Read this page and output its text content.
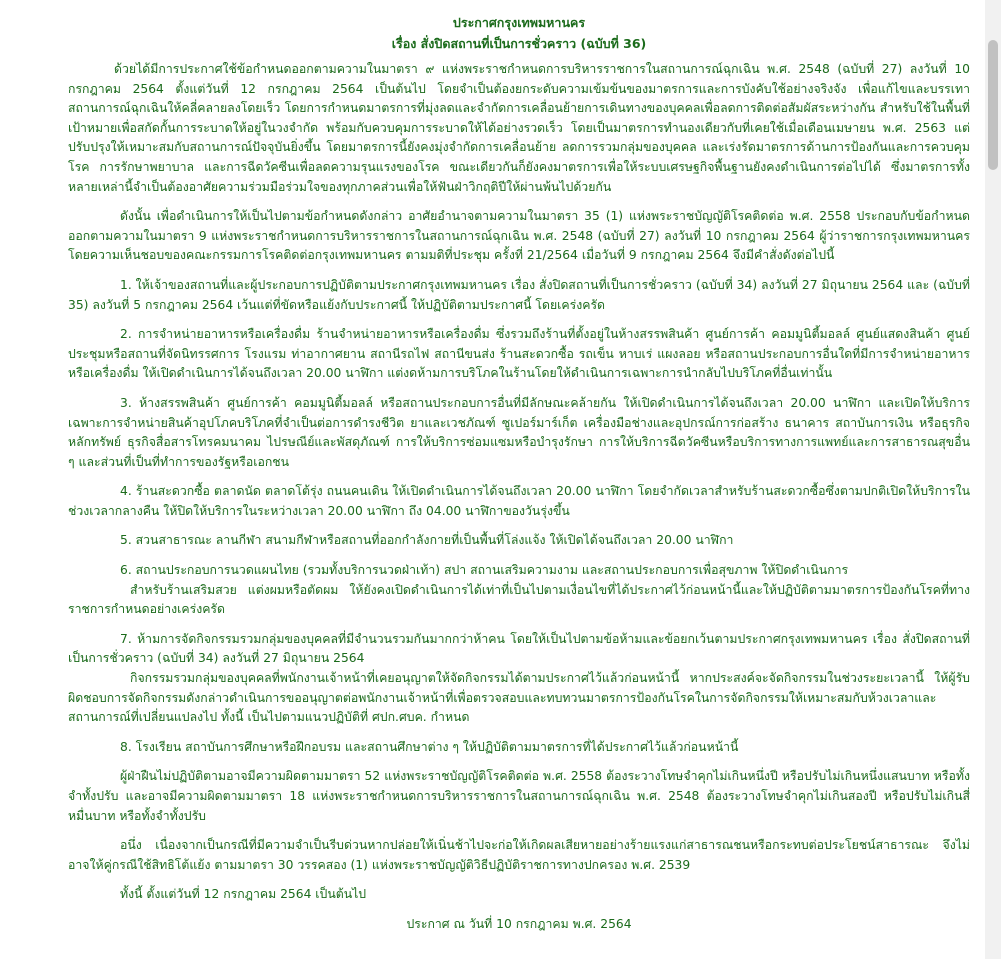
ประกาศกรุงเทพมหานคร
เรื่อง สั่งปิดสถานที่เป็นการชั่วคราว (ฉบับที่ 36)

ด้วยได้มีการประกาศใช้ข้อกำหนดออกตามความในมาตรา ๙ แห่งพระราชกำหนดการบริหารราชการในสถานการณ์ฉุกเฉิน พ.ศ. 2548 (ฉบับที่ 27) ลงวันที่ 10 กรกฎาคม 2564 ตั้งแต่วันที่ 12 กรกฎาคม 2564 เป็นต้นไป โดยจำเป็นต้องยกระดับความเข้มข้นของมาตรการและการบังคับใช้อย่างจริงจัง เพื่อแก้ไขและบรรเทาสถานการณ์ฉุกเฉินให้คลี่คลายลงโดยเร็ว โดยการกำหนดมาตรการที่มุ่งลดและจำกัดการเคลื่อนย้ายการเดินทางของบุคคลเพื่อลดการติดต่อสัมผัสระหว่างกัน สำหรับใช้ในพื้นที่เป้าหมายเพื่อสกัดกั้นการระบาดให้อยู่ในวงจำกัด พร้อมกับควบคุมการระบาดให้ได้อย่างรวดเร็ว โดยเป็นมาตรการทำนองเดียวกับที่เคยใช้เมื่อเดือนเมษายน พ.ศ. 2563 แต่ปรับปรุงให้เหมาะสมกับสถานการณ์ปัจจุบันยิ่งขึ้น โดยมาตรการนี้ยังคงมุ่งจำกัดการเคลื่อนย้าย ลดการรวมกลุ่มของบุคคล และเร่งรัดมาตรการด้านการป้องกันและการควบคุมโรค การรักษาพยาบาล และการฉีดวัคซีนเพื่อลดความรุนแรงของโรค ขณะเดียวกันก็ยังคงมาตรการเพื่อให้ระบบเศรษฐกิจพื้นฐานยังคงดำเนินการต่อไปได้ ซึ่งมาตรการทั้งหลายเหล่านี้จำเป็นต้องอาศัยความร่วมมือร่วมใจของทุกภาคส่วนเพื่อให้ฟันฝ่าวิกฤติปีให้ผ่านพ้นไปด้วยกัน

ดังนั้น เพื่อดำเนินการให้เป็นไปตามข้อกำหนดดังกล่าว อาศัยอำนาจตามความในมาตรา 35 (1) แห่งพระราชบัญญัติโรคติดต่อ พ.ศ. 2558 ประกอบกับข้อกำหนดออกตามความในมาตรา 9 แห่งพระราชกำหนดการบริหารราชการในสถานการณ์ฉุกเฉิน พ.ศ. 2548 (ฉบับที่ 27) ลงวันที่ 10 กรกฎาคม 2564 ผู้ว่าราชการกรุงเทพมหานคร โดยความเห็นชอบของคณะกรรมการโรคติดต่อกรุงเทพมหานคร ตามมติที่ประชุม ครั้งที่ 21/2564 เมื่อวันที่ 9 กรกฎาคม 2564 จึงมีคำสั่งดังต่อไปนี้

1. ให้เจ้าของสถานที่และผู้ประกอบการปฏิบัติตามประกาศกรุงเทพมหานคร เรื่อง สั่งปิดสถานที่เป็นการชั่วคราว (ฉบับที่ 34) ลงวันที่ 27 มิถุนายน 2564 และ (ฉบับที่ 35) ลงวันที่ 5 กรกฎาคม 2564 เว้นแต่ที่ขัดหรือแย้งกับประกาศนี้ ให้ปฏิบัติตามประกาศนี้ โดยเคร่งครัด

2. การจำหน่ายอาหารหรือเครื่องดื่ม ร้านจำหน่ายอาหารหรือเครื่องดื่ม ซึ่งรวมถึงร้านที่ตั้งอยู่ในห้างสรรพสินค้า ศูนย์การค้า คอมมูนิตี้มอลล์ ศูนย์แสดงสินค้า ศูนย์ประชุมหรือสถานที่จัดนิทรรศการ โรงแรม ท่าอากาศยาน สถานีรถไฟ สถานีขนส่ง ร้านสะดวกซื้อ รถเข็น หาบเร่ แผงลอย หรือสถานประกอบการอื่นใดที่มีการจำหน่ายอาหารหรือเครื่องดื่ม ให้เปิดดำเนินการได้จนถึงเวลา 20.00 นาฬิกา แต่งดห้ามการบริโภคในร้านโดยให้ดำเนินการเฉพาะการนำกลับไปบริโภคที่อื่นเท่านั้น

3. ห้างสรรพสินค้า ศูนย์การค้า คอมมูนิตี้มอลล์ หรือสถานประกอบการอื่นที่มีลักษณะคล้ายกัน ให้เปิดดำเนินการได้จนถึงเวลา 20.00 นาฬิกา และเปิดให้บริการเฉพาะการจำหน่ายสินค้าอุปโภคบริโภคที่จำเป็นต่อการดำรงชีวิต ยาและเวชภัณฑ์ ซูเปอร์มาร์เก็ต เครื่องมือช่างและอุปกรณ์การก่อสร้าง ธนาคาร สถาบันการเงิน หรือธุรกิจหลักทรัพย์ ธุรกิจสื่อสารโทรคมนาคม ไปรษณีย์และพัสดุภัณฑ์ การให้บริการซ่อมแซมหรือบำรุงรักษา การให้บริการฉีดวัคซีนหรือบริการทางการแพทย์และการสาธารณสุขอื่น ๆ และส่วนที่เป็นที่ทำการของรัฐหรือเอกชน

4. ร้านสะดวกซื้อ ตลาดนัด ตลาดโต้รุ่ง ถนนคนเดิน ให้เปิดดำเนินการได้จนถึงเวลา 20.00 นาฬิกา โดยจำกัดเวลาสำหรับร้านสะดวกซื้อซึ่งตามปกติเปิดให้บริการในช่วงเวลากลางคืน ให้ปิดให้บริการในระหว่างเวลา 20.00 นาฬิกา ถึง 04.00 นาฬิกาของวันรุ่งขึ้น

5. สวนสาธารณะ ลานกีฬา สนามกีฬาหรือสถานที่ออกกำลังกายที่เป็นพื้นที่โล่งแจ้ง ให้เปิดได้จนถึงเวลา 20.00 นาฬิกา

6. สถานประกอบการนวดแผนไทย (รวมทั้งบริการนวดฝ่าเท้า) สปา สถานเสริมความงาม และสถานประกอบการเพื่อสุขภาพ ให้ปิดดำเนินการ
สำหรับร้านเสริมสวย แต่งผมหรือตัดผม ให้ยังคงเปิดดำเนินการได้เท่าที่เป็นไปตามเงื่อนไขที่ได้ประกาศไว้ก่อนหน้านี้และให้ปฏิบัติตามมาตรการป้องกันโรคที่ทางราชการกำหนดอย่างเคร่งครัด
7. ห้ามการจัดกิจกรรมรวมกลุ่มของบุคคลที่มีจำนวนรวมกันมากกว่าห้าคน โดยให้เป็นไปตามข้อห้ามและข้อยกเว้นตามประกาศกรุงเทพมหานคร เรื่อง สั่งปิดสถานที่เป็นการชั่วคราว (ฉบับที่ 34) ลงวันที่ 27 มิถุนายน 2564
กิจกรรมรวมกลุ่มของบุคคลที่พนักงานเจ้าหน้าที่เคยอนุญาตให้จัดกิจกรรมได้ตามประกาศไว้แล้วก่อนหน้านี้ หากประสงค์จะจัดกิจกรรมในช่วงระยะเวลานี้ ให้ผู้รับผิดชอบการจัดกิจกรรมดังกล่าวดำเนินการขออนุญาตต่อพนักงานเจ้าหน้าที่เพื่อตรวจสอบและทบทวนมาตรการป้องกันโรคในการจัดกิจกรรมให้เหมาะสมกับห้วงเวลาและสถานการณ์ที่เปลี่ยนแปลงไป ทั้งนี้ เป็นไปตามแนวปฏิบัติที่ ศปก.ศบค. กำหนด

8. โรงเรียน สถาบันการศึกษาหรือฝึกอบรม และสถานศึกษาต่าง ๆ ให้ปฏิบัติตามมาตรการที่ได้ประกาศไว้แล้วก่อนหน้านี้

ผู้ฝ่าฝืนไม่ปฏิบัติตามอาจมีความผิดตามมาตรา 52 แห่งพระราชบัญญัติโรคติดต่อ พ.ศ. 2558 ต้องระวางโทษจำคุกไม่เกินหนึ่งปี หรือปรับไม่เกินหนึ่งแสนบาท หรือทั้งจำทั้งปรับ และอาจมีความผิดตามมาตรา 18 แห่งพระราชกำหนดการบริหารราชการในสถานการณ์ฉุกเฉิน พ.ศ. 2548 ต้องระวางโทษจำคุกไม่เกินสองปี หรือปรับไม่เกินสี่หมื่นบาท หรือทั้งจำทั้งปรับ

อนึ่ง เนื่องจากเป็นกรณีที่มีความจำเป็นรีบด่วนหากปล่อยให้เนิ่นช้าไปจะก่อให้เกิดผลเสียหายอย่างร้ายแรงแก่สาธารณชนหรือกระทบต่อประโยชน์สาธารณะ จึงไม่อาจให้คู่กรณีใช้สิทธิโต้แย้ง ตามมาตรา 30 วรรคสอง (1) แห่งพระราชบัญญัติวิธีปฏิบัติราชการทางปกครอง พ.ศ. 2539

ทั้งนี้ ตั้งแต่วันที่ 12 กรกฎาคม 2564 เป็นต้นไป

ประกาศ ณ วันที่ 10 กรกฎาคม พ.ศ. 2564
